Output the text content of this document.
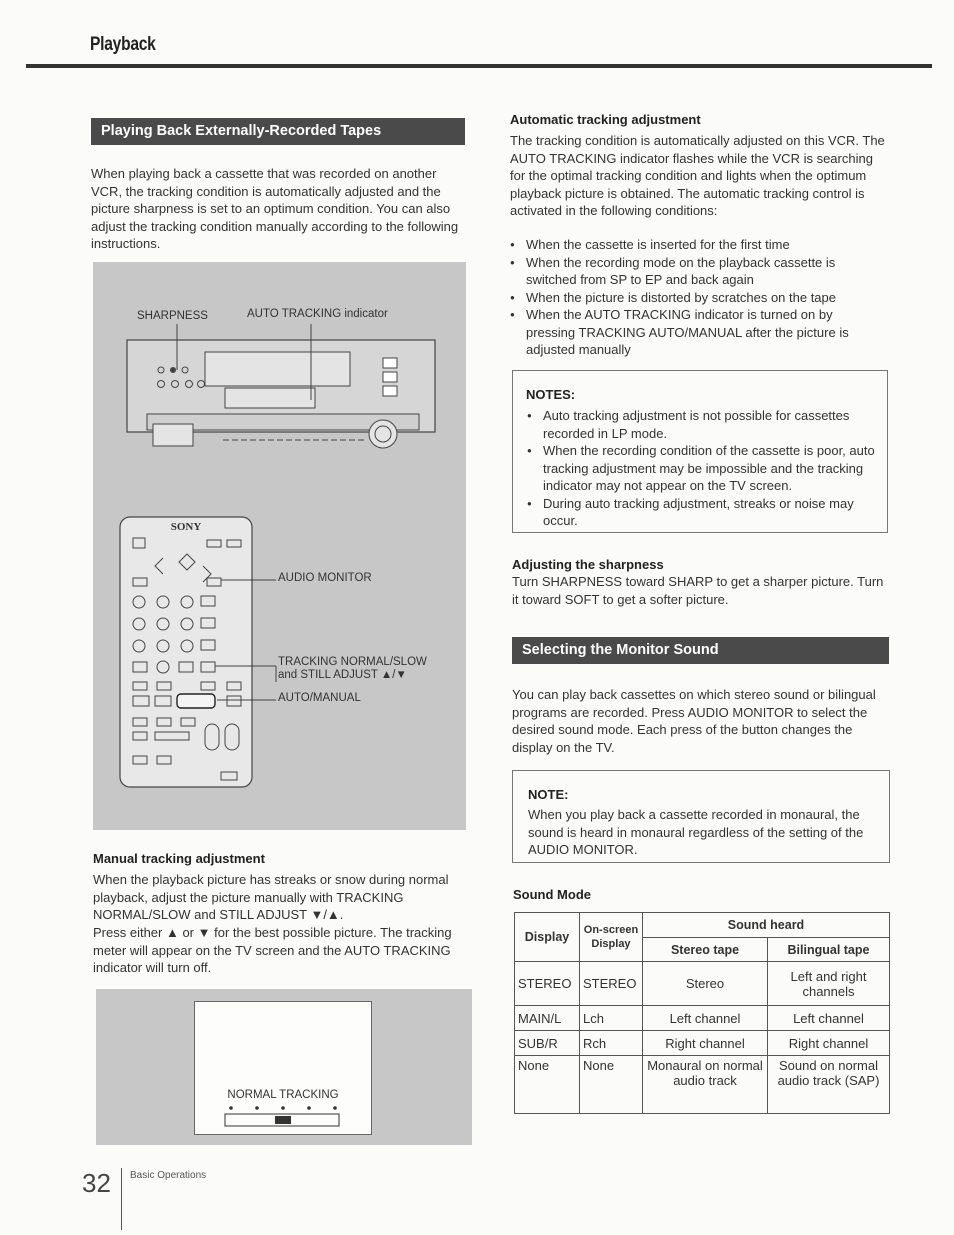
Playback
Playing Back Externally-Recorded Tapes
When playing back a cassette that was recorded on another VCR, the tracking condition is automatically adjusted and the picture sharpness is set to an optimum condition. You can also adjust the tracking condition manually according to the following instructions.
SONY
SHARPNESS	AUTO TRACKING indicator
AUDIO MONITOR
TRACKING NORMAL/SLOW
and STILL ADJUST ▲/▼
AUTO/MANUAL
Manual tracking adjustment
When the playback picture has streaks or snow during normal playback, adjust the picture manually with TRACKING NORMAL/SLOW and STILL ADJUST ▼/▲.
Press either ▲ or ▼ for the best possible picture. The tracking meter will appear on the TV screen and the AUTO TRACKING indicator will turn off.
NORMAL TRACKING
Automatic tracking adjustment
The tracking condition is automatically adjusted on this VCR. The AUTO TRACKING indicator flashes while the VCR is searching for the optimal tracking condition and lights when the optimum playback picture is obtained. The automatic tracking control is activated in the following conditions:
● When the cassette is inserted for the first time
● When the recording mode on the playback cassette is switched from SP to EP and back again
● When the picture is distorted by scratches on the tape
● When the AUTO TRACKING indicator is turned on by pressing TRACKING AUTO/MANUAL after the picture is adjusted manually
NOTES:
● Auto tracking adjustment is not possible for cassettes recorded in LP mode.
● When the recording condition of the cassette is poor, auto tracking adjustment may be impossible and the tracking indicator may not appear on the TV screen.
● During auto tracking adjustment, streaks or noise may occur.
Adjusting the sharpness
Turn SHARPNESS toward SHARP to get a sharper picture. Turn it toward SOFT to get a softer picture.
Selecting the Monitor Sound
You can play back cassettes on which stereo sound or bilingual programs are recorded. Press AUDIO MONITOR to select the desired sound mode. Each press of the button changes the display on the TV.
NOTE:
When you play back a cassette recorded in monaural, the sound is heard in monaural regardless of the setting of the AUDIO MONITOR.
Sound Mode
Display	On-screen Display	Sound heard	
		Stereo tape	Bilingual tape
STEREO	STEREO	Stereo	Left and right channels
MAIN/L	Lch	Left channel	Left channel
SUB/R	Rch	Right channel	Right channel
None	None	Monaural on normal audio track	Sound on normal audio track (SAP)
32 Basic Operations
